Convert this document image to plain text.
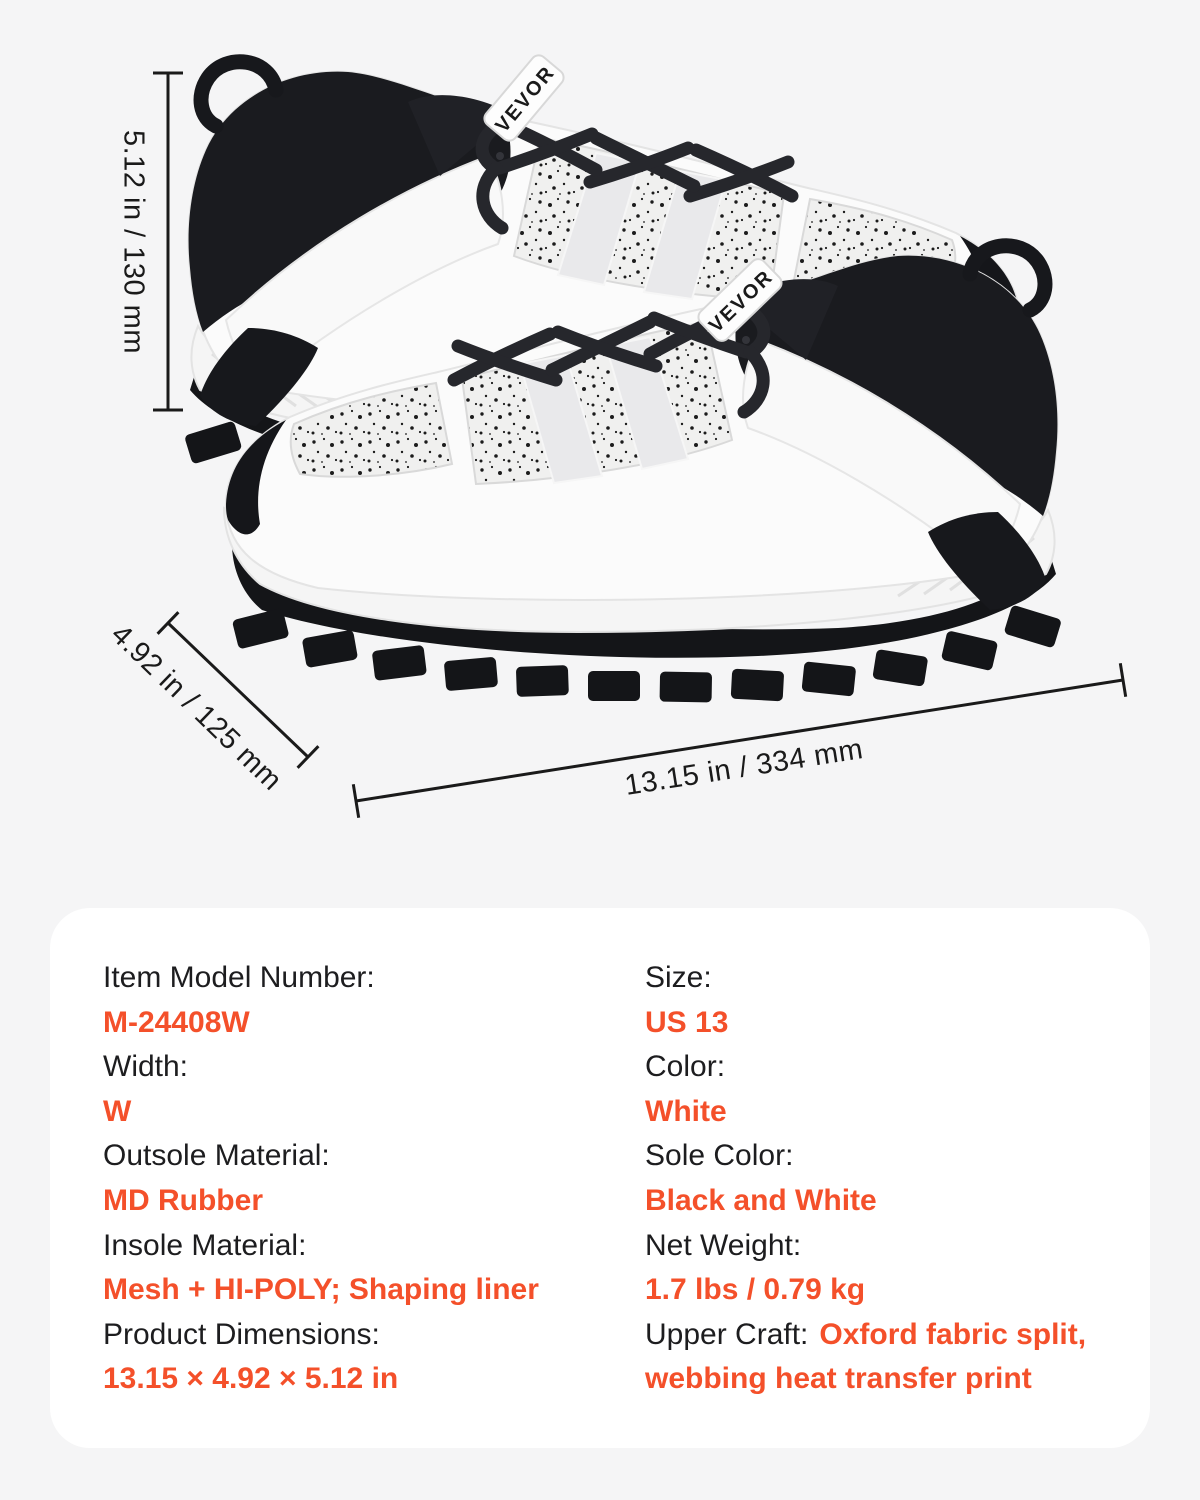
VEVOR
VEVOR
5.12 in / 130 mm
4.92 in / 125 mm	13.15 in / 334 mm
Item Model Number:
M-24408W
Width:
W
Outsole Material:
MD Rubber
Insole Material:
Mesh + HI-POLY; Shaping liner
Product Dimensions:
13.15 × 4.92 × 5.12 in
Size:
US 13
Color:
White
Sole Color:
Black and White
Net Weight:
1.7 lbs / 0.79 kg
Upper Craft: Oxford fabric split, webbing heat transfer print
